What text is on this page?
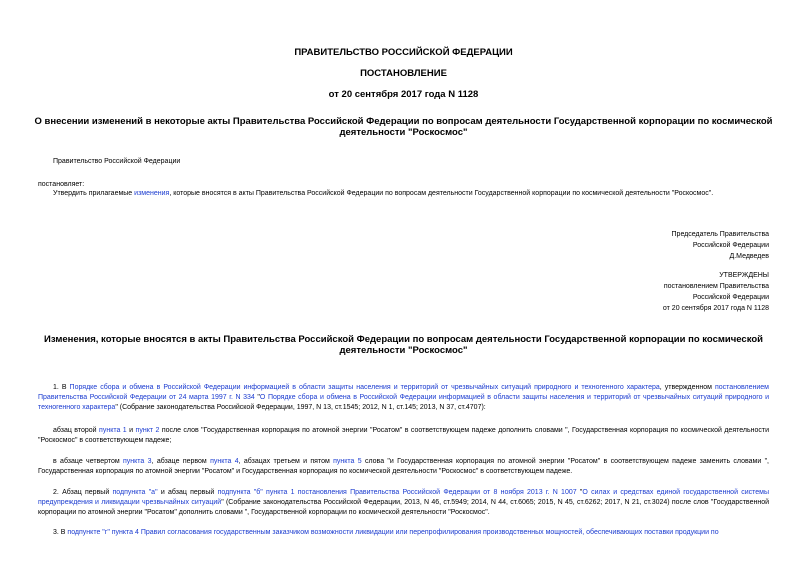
ПРАВИТЕЛЬСТВО РОССИЙСКОЙ ФЕДЕРАЦИИ
ПОСТАНОВЛЕНИЕ
от 20 сентября 2017 года N 1128
О внесении изменений в некоторые акты Правительства Российской Федерации по вопросам деятельности Государственной корпорации по космической
деятельности "Роскосмос"
Правительство Российской Федерации
постановляет:
Утвердить прилагаемые изменения, которые вносятся в акты Правительства Российской Федерации по вопросам деятельности Государственной корпорации по космической деятельности "Роскосмос".
Председатель Правительства
Российской Федерации
Д.Медведев
УТВЕРЖДЕНЫ
постановлением Правительства
Российской Федерации
от 20 сентября 2017 года N 1128
Изменения, которые вносятся в акты Правительства Российской Федерации по вопросам деятельности Государственной корпорации по космической
деятельности "Роскосмос"
1. В Порядке сбора и обмена в Российской Федерации информацией в области защиты населения и территорий от чрезвычайных ситуаций природного и техногенного характера, утвержденном постановлением Правительства Российской Федерации от 24 марта 1997 г. N 334 "О Порядке сбора и обмена в Российской Федерации информацией в области защиты населения и территорий от чрезвычайных ситуаций природного и техногенного характера" (Собрание законодательства Российской Федерации, 1997, N 13, ст.1545; 2012, N 1, ст.145; 2013, N 37, ст.4707):
абзац второй пункта 1 и пункт 2 после слов "Государственная корпорация по атомной энергии "Росатом" в соответствующем падеже дополнить словами ", Государственная корпорация по космической деятельности "Роскосмос" в соответствующем падеже;
в абзаце четвертом пункта 3, абзаце первом пункта 4, абзацах третьем и пятом пункта 5 слова "и Государственная корпорация по атомной энергии "Росатом" в соответствующем падеже заменить словами ", Государственная корпорация по атомной энергии "Росатом" и Государственная корпорация по космической деятельности "Роскосмос" в соответствующем падеже.
2. Абзац первый подпункта "а" и абзац первый подпункта "б" пункта 1 постановления Правительства Российской Федерации от 8 ноября 2013 г. N 1007 "О силах и средствах единой государственной системы предупреждения и ликвидации чрезвычайных ситуаций" (Собрание законодательства Российской Федерации, 2013, N 46, ст.5949; 2014, N 44, ст.6065; 2015, N 45, ст.6262; 2017, N 21, ст.3024) после слов "Государственной корпорации по атомной энергии "Росатом" дополнить словами ", Государственной корпорации по космической деятельности "Роскосмос".
3. В подпункте "г" пункта 4 Правил согласования государственным заказчиком возможности ликвидации или перепрофилирования производственных мощностей, обеспечивающих поставки продукции по
